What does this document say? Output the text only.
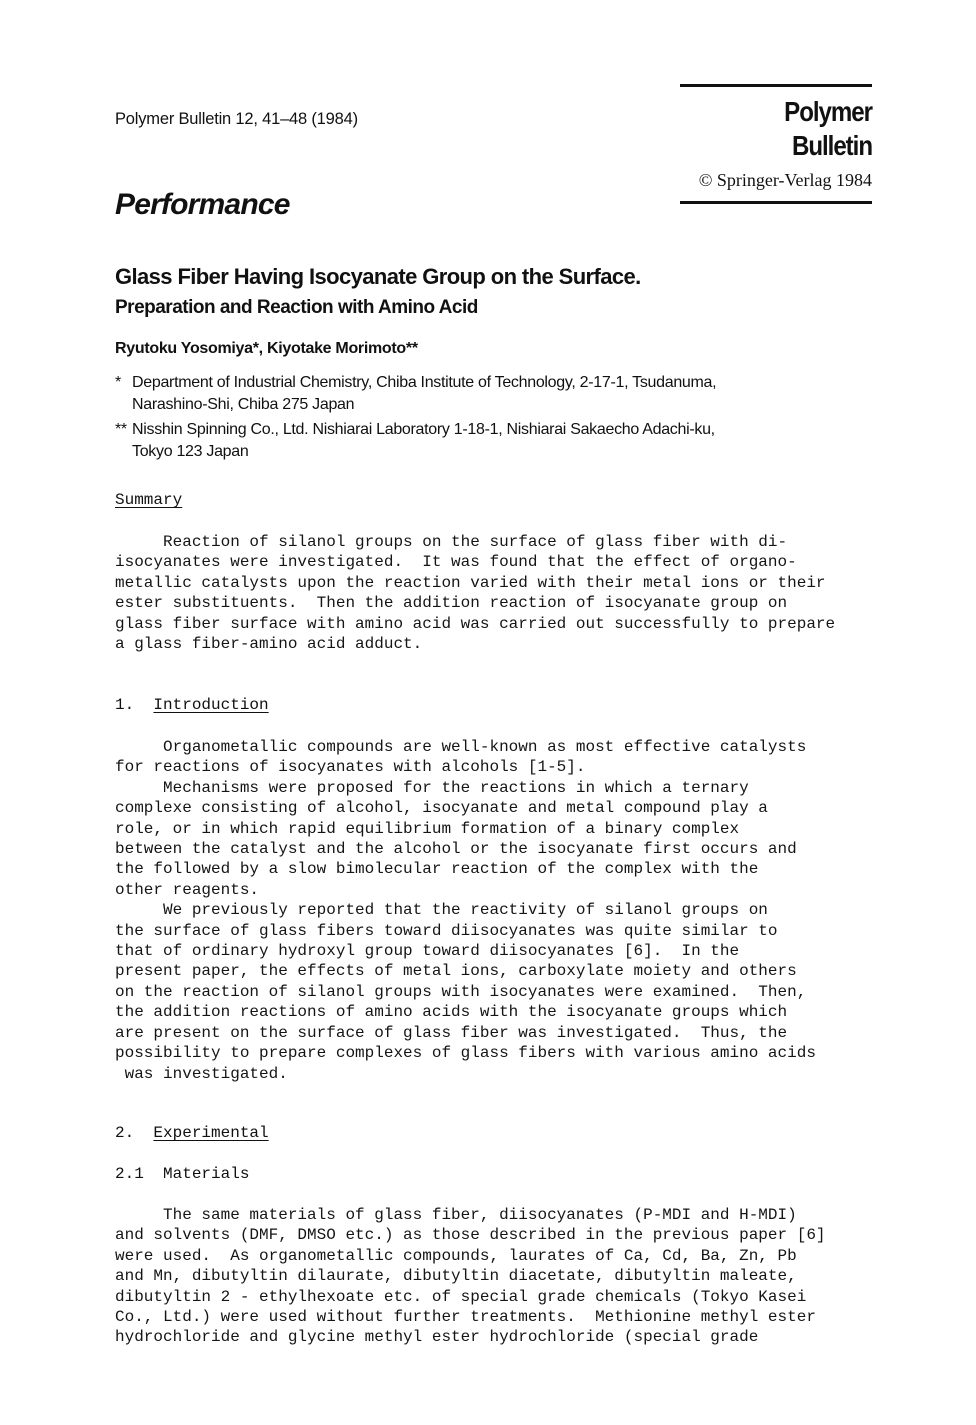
Polymer Bulletin 12, 41–48 (1984)	Polymer Bulletin
© Springer-Verlag 1984
Performance
Glass Fiber Having Isocyanate Group on the Surface.
Preparation and Reaction with Amino Acid
Ryutoku Yosomiya*, Kiyotake Morimoto**
* Department of Industrial Chemistry, Chiba Institute of Technology, 2-17-1, Tsudanuma,
Narashino-Shi, Chiba 275 Japan
** Nisshin Spinning Co., Ltd. Nishiarai Laboratory 1-18-1, Nishiarai Sakaecho Adachi-ku,
Tokyo 123 Japan
Summary
Reaction of silanol groups on the surface of glass fiber with di-
isocyanates were investigated.  It was found that the effect of organo-
metallic catalysts upon the reaction varied with their metal ions or their
ester substituents.  Then the addition reaction of isocyanate group on
glass fiber surface with amino acid was carried out successfully to prepare
a glass fiber-amino acid adduct.
1. Introduction
Organometallic compounds are well-known as most effective catalysts
for reactions of isocyanates with alcohols [1-5].
Mechanisms were proposed for the reactions in which a ternary
complexe consisting of alcohol, isocyanate and metal compound play a
role, or in which rapid equilibrium formation of a binary complex
between the catalyst and the alcohol or the isocyanate first occurs and
the followed by a slow bimolecular reaction of the complex with the
other reagents.
We previously reported that the reactivity of silanol groups on
the surface of glass fibers toward diisocyanates was quite similar to
that of ordinary hydroxyl group toward diisocyanates [6].  In the
present paper, the effects of metal ions, carboxylate moiety and others
on the reaction of silanol groups with isocyanates were examined.  Then,
the addition reactions of amino acids with the isocyanate groups which
are present on the surface of glass fiber was investigated.  Thus, the
possibility to prepare complexes of glass fibers with various amino acids
was investigated.
2. Experimental
2.1  Materials
The same materials of glass fiber, diisocyanates (P-MDI and H-MDI)
and solvents (DMF, DMSO etc.) as those described in the previous paper [6]
were used.  As organometallic compounds, laurates of Ca, Cd, Ba, Zn, Pb
and Mn, dibutyltin dilaurate, dibutyltin diacetate, dibutyltin maleate,
dibutyltin 2 - ethylhexoate etc. of special grade chemicals (Tokyo Kasei
Co., Ltd.) were used without further treatments.  Methionine methyl ester
hydrochloride and glycine methyl ester hydrochloride (special grade
